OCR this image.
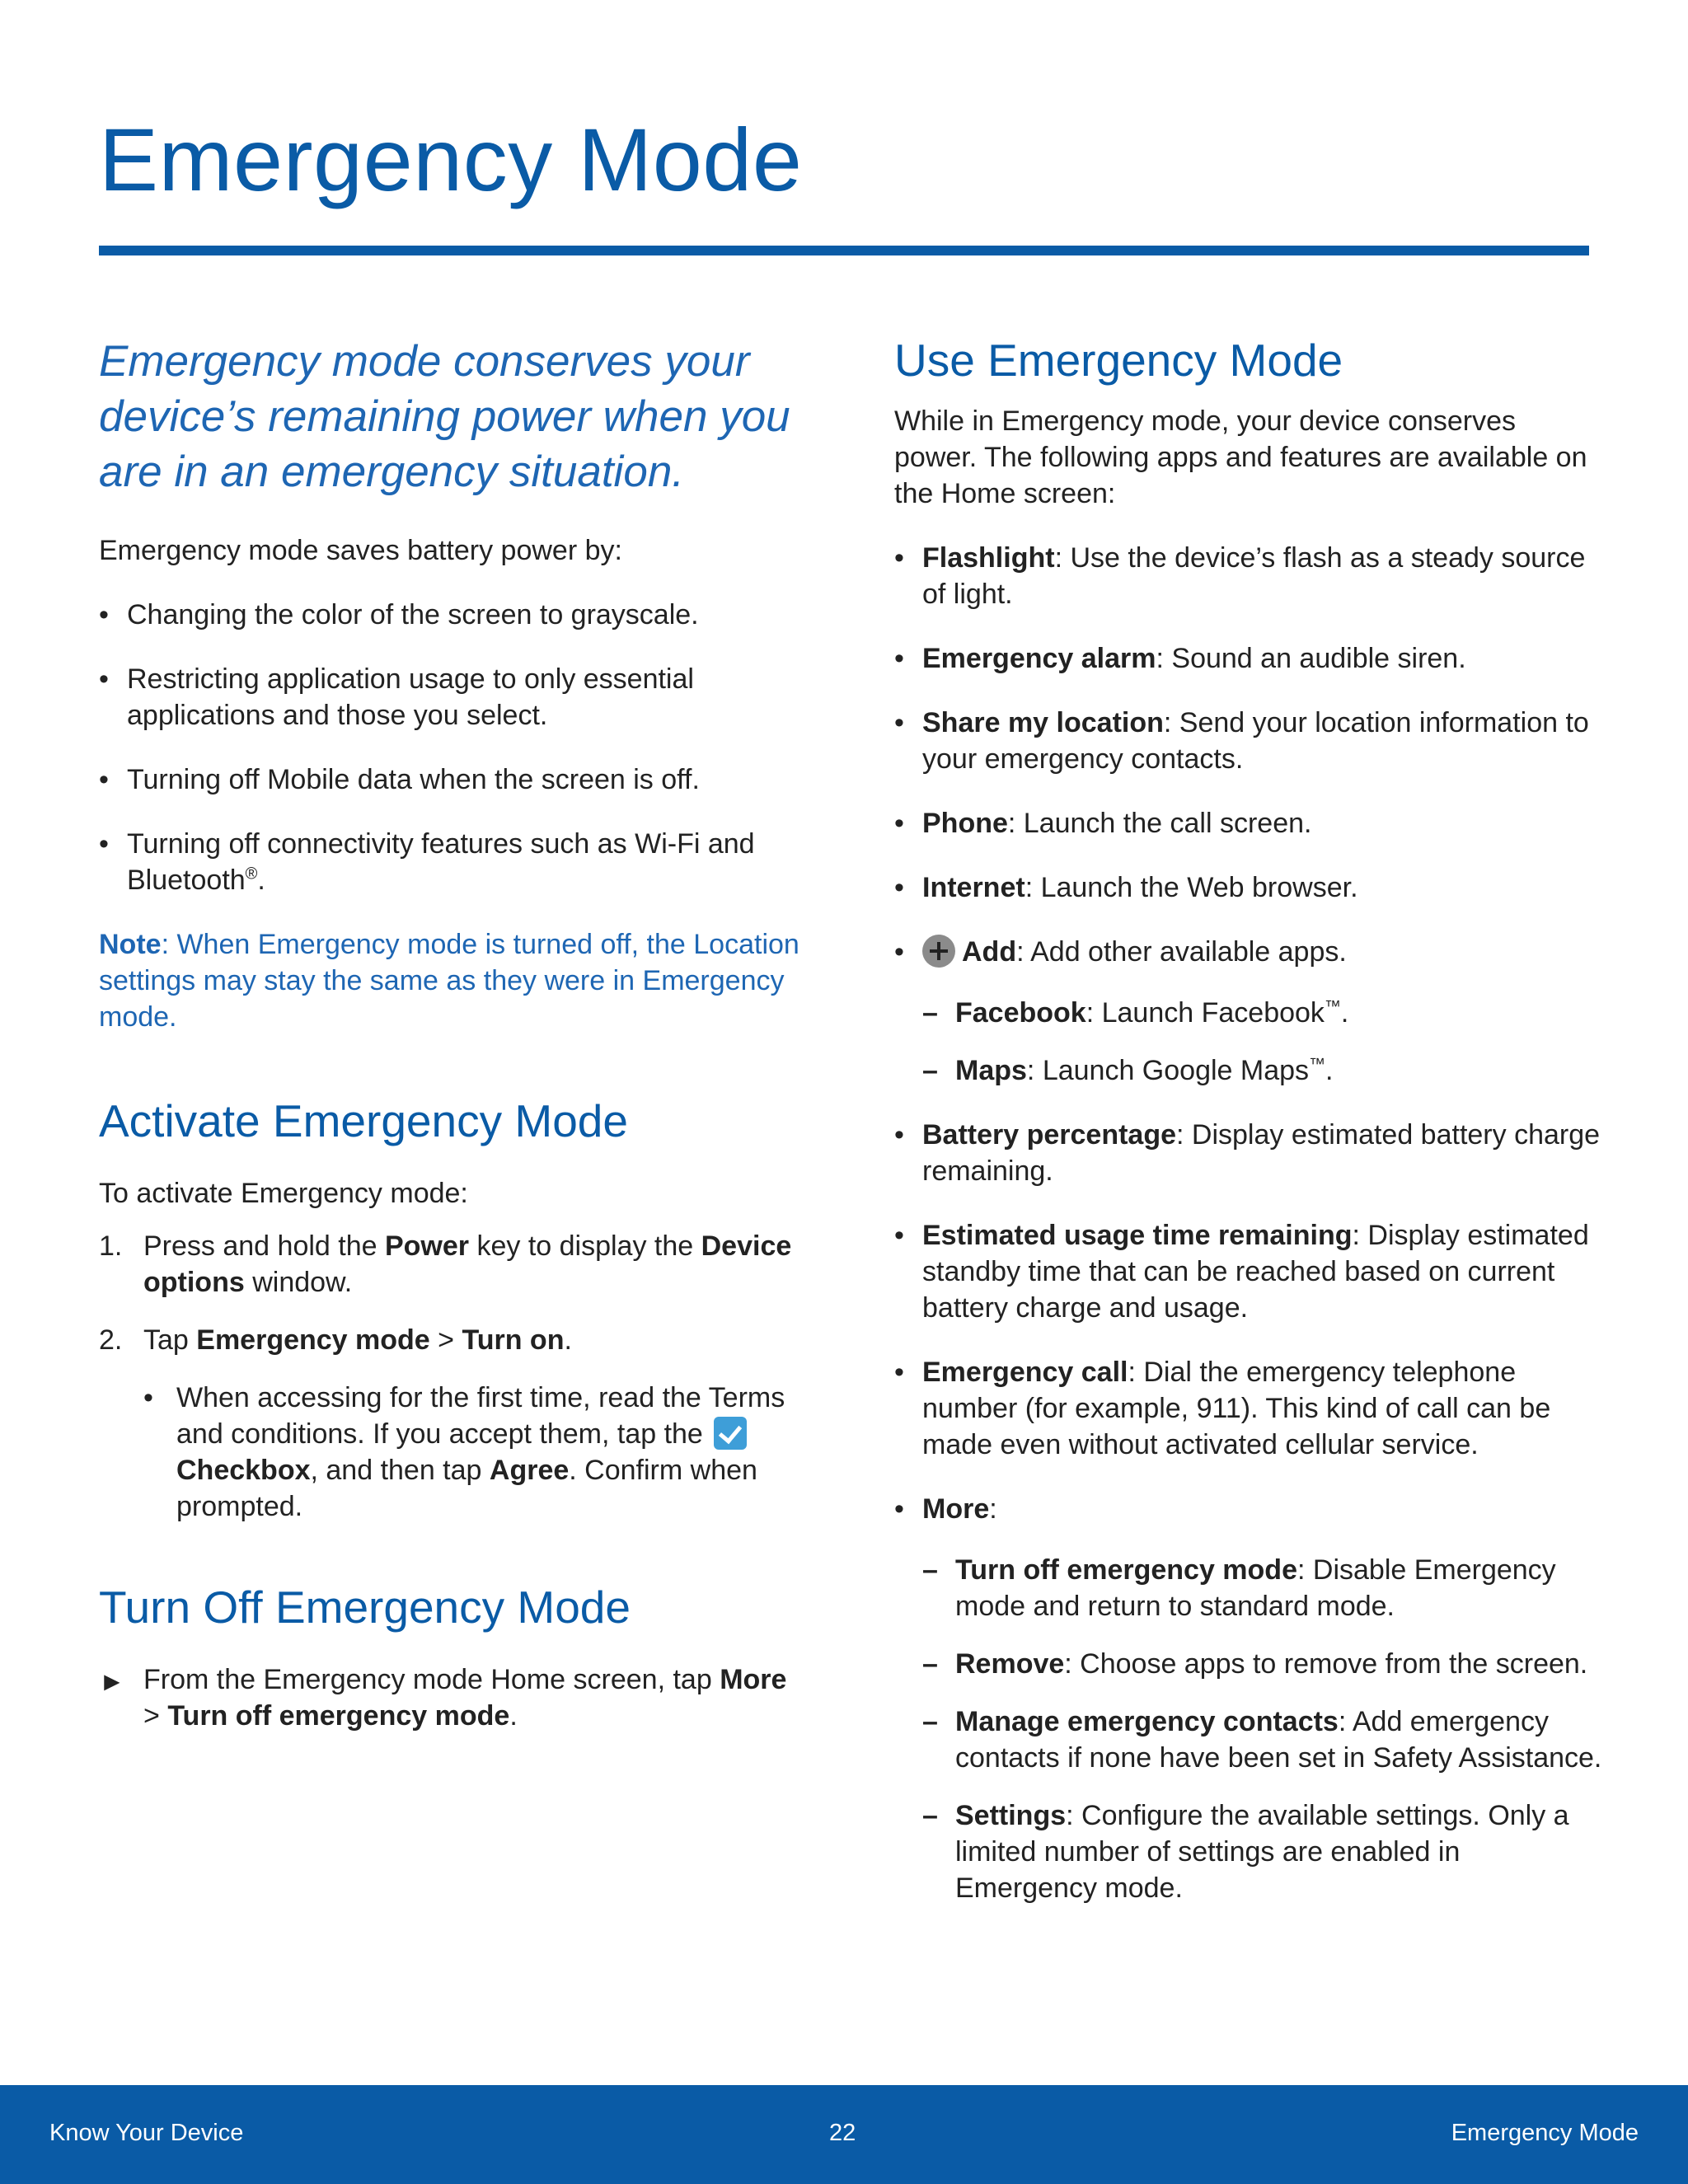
Emergency Mode

Emergency mode conserves your device’s remaining power when you are in an emergency situation.

Emergency mode saves battery power by:

• Changing the color of the screen to grayscale.
• Restricting application usage to only essential applications and those you select.
• Turning off Mobile data when the screen is off.
• Turning off connectivity features such as Wi-Fi and Bluetooth®.

Note: When Emergency mode is turned off, the Location settings may stay the same as they were in Emergency mode.

Activate Emergency Mode

To activate Emergency mode:

1. Press and hold the Power key to display the Device options window.
2. Tap Emergency mode > Turn on.
• When accessing for the first time, read the Terms and conditions. If you accept them, tap the  Checkbox, and then tap Agree. Confirm when prompted.
Turn Off Emergency Mode

► From the Emergency mode Home screen, tap More > Turn off emergency mode.

Use Emergency Mode

While in Emergency mode, your device conserves power. The following apps and features are available on the Home screen:

• Flashlight: Use the device’s flash as a steady source of light.
• Emergency alarm: Sound an audible siren.
• Share my location: Send your location information to your emergency contacts.
• Phone: Launch the call screen.
• Internet: Launch the Web browser.
• Add: Add other available apps.
– Facebook: Launch Facebook™.
– Maps: Launch Google Maps™.
• Battery percentage: Display estimated battery charge remaining.
• Estimated usage time remaining: Display estimated standby time that can be reached based on current battery charge and usage.
• Emergency call: Dial the emergency telephone number (for example, 911). This kind of call can be made even without activated cellular service.
• More:
– Turn off emergency mode: Disable Emergency mode and return to standard mode.
– Remove: Choose apps to remove from the screen.
– Manage emergency contacts: Add emergency contacts if none have been set in Safety Assistance.
– Settings: Configure the available settings. Only a limited number of settings are enabled in Emergency mode.
Know Your Device	22	Emergency Mode
